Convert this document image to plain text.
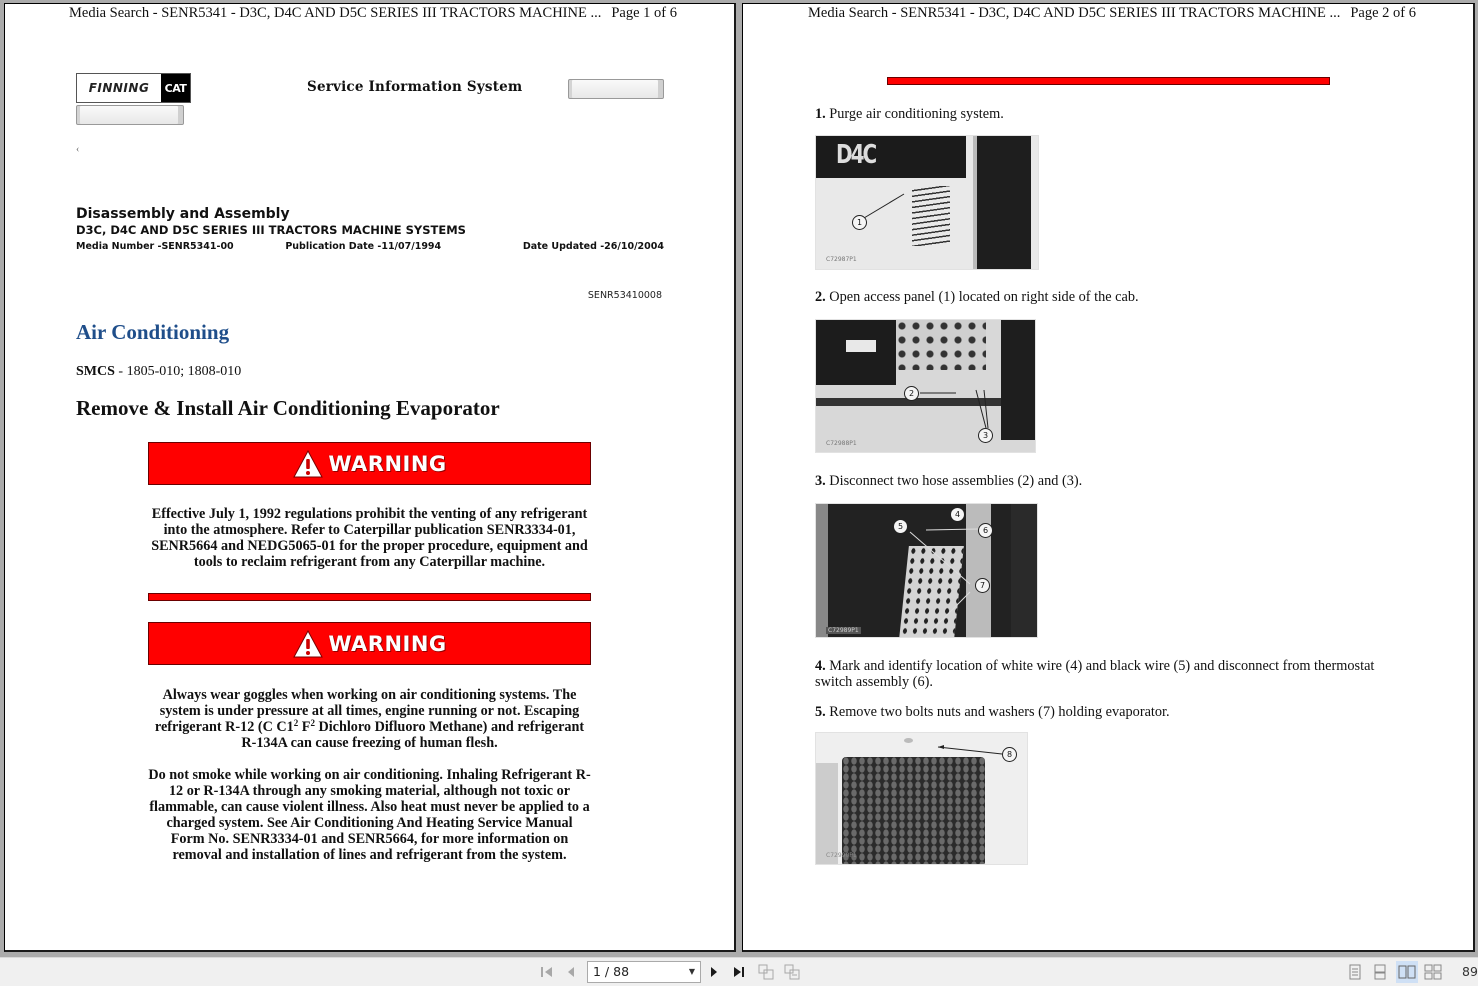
Media Search - SENR5341 - D3C, D4C AND D5C SERIES III TRACTORS MACHINE ... Page 1 of 6
FINNING	CAT	Service Information System
‹
Disassembly and Assembly
D3C, D4C AND D5C SERIES III TRACTORS MACHINE SYSTEMS
Media Number -SENR5341-00	Publication Date -11/07/1994	Date Updated -26/10/2004
SENR53410008
Air Conditioning
SMCS - 1805-010; 1808-010
Remove & Install Air Conditioning Evaporator
WARNING
Effective July 1, 1992 regulations prohibit the venting of any refrigerant into the atmosphere. Refer to Caterpillar publication SENR3334-01, SENR5664 and NEDG5065-01 for the proper procedure, equipment and tools to reclaim refrigerant from any Caterpillar machine.
WARNING
Always wear goggles when working on air conditioning systems. The system is under pressure at all times, engine running or not. Escaping refrigerant R-12 (C $C1^2$ $F^2$ Dichloro Difluoro Methane) and refrigerant R-134A can cause freezing of human flesh.
Do not smoke while working on air conditioning. Inhaling Refrigerant R-12 or R-134A through any smoking material, although not toxic or flammable, can cause violent illness. Also heat must never be applied to a charged system. See Air Conditioning And Heating Service Manual Form No. SENR3334-01 and SENR5664, for more information on removal and installation of lines and refrigerant from the system.
Media Search - SENR5341 - D3C, D4C AND D5C SERIES III TRACTORS MACHINE ... Page 2 of 6
1. Purge air conditioning system.
D4C
1
C72987P1
2. Open access panel (1) located on right side of the cab.
2
3
C72988P1
3. Disconnect two hose assemblies (2) and (3).
4
5	6
7
C72989P1
4. Mark and identify location of white wire (4) and black wire (5) and disconnect from thermostat switch assembly (6).
5. Remove two bolts nuts and washers (7) holding evaporator.
8
C72990P1
1 / 88	▼	89
